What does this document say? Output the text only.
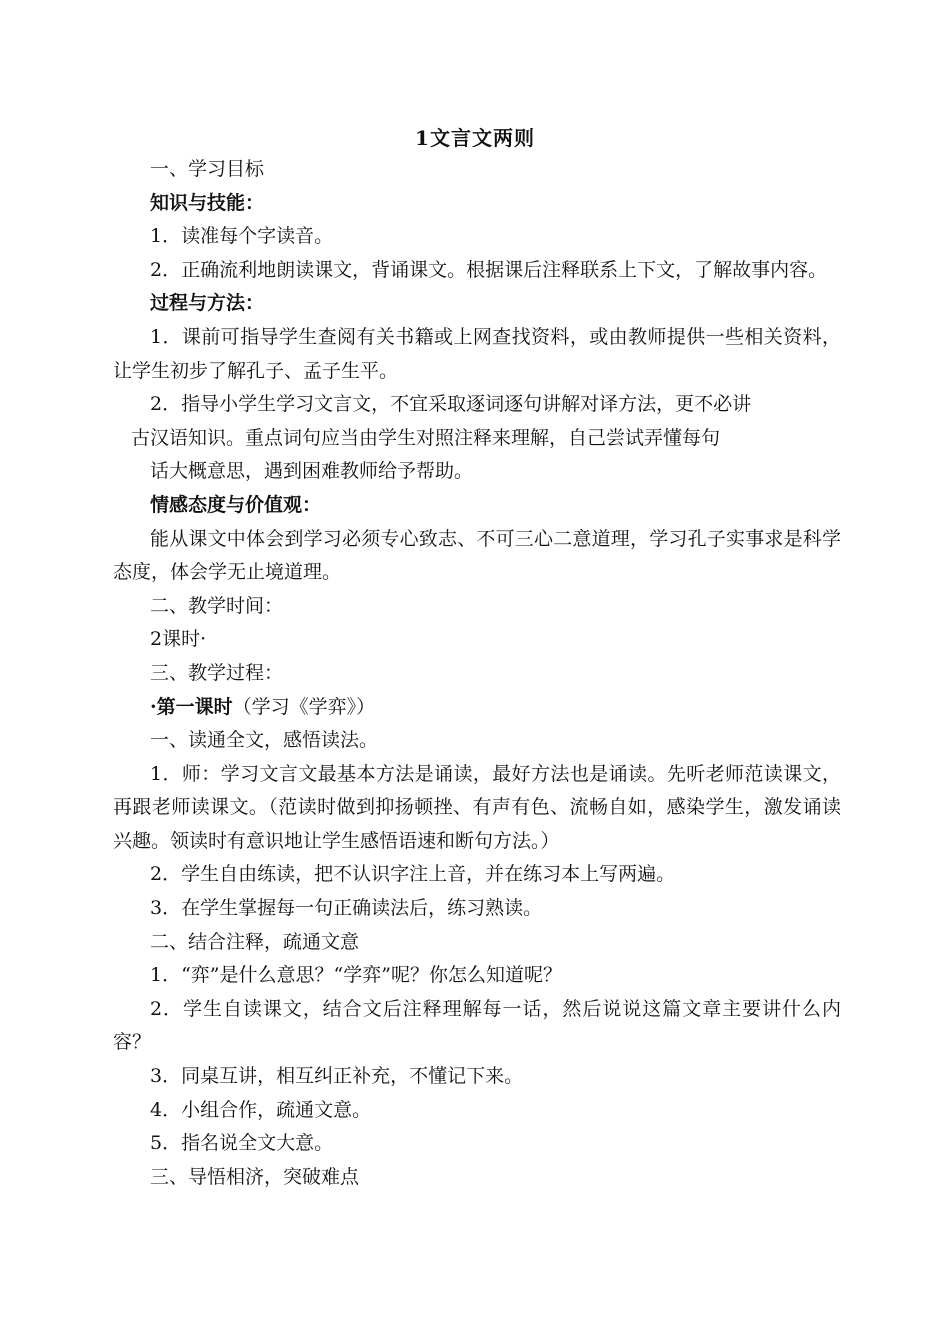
1文言文两则

一、学习目标

知识与技能：

1．读准每个字读音。

2．正确流利地朗读课文，背诵课文。根据课后注释联系上下文，了解故事内容。

过程与方法：

1．课前可指导学生查阅有关书籍或上网查找资料，或由教师提供一些相关资料，让学生初步了解孔子、孟子生平。

2．指导小学生学习文言文，不宜采取逐词逐句讲解对译方法，更不必讲

古汉语知识。重点词句应当由学生对照注释来理解，自己尝试弄懂每句

话大概意思，遇到困难教师给予帮助。

情感态度与价值观：

能从课文中体会到学习必须专心致志、不可三心二意道理，学习孔子实事求是科学态度，体会学无止境道理。

二、教学时间：

2课时·

三、教学过程：

·第一课时（学习《学弈》）

一、读通全文，感悟读法。

1．师：学习文言文最基本方法是诵读，最好方法也是诵读。先听老师范读课文，再跟老师读课文。（范读时做到抑扬顿挫、有声有色、流畅自如，感染学生，激发诵读兴趣。领读时有意识地让学生感悟语速和断句方法。）

2．学生自由练读，把不认识字注上音，并在练习本上写两遍。

3．在学生掌握每一句正确读法后，练习熟读。

二、结合注释，疏通文意

1．“弈”是什么意思？“学弈”呢？你怎么知道呢？

2．学生自读课文，结合文后注释理解每一话，然后说说这篇文章主要讲什么内容？

3．同桌互讲，相互纠正补充，不懂记下来。

4．小组合作，疏通文意。

5．指名说全文大意。

三、导悟相济，突破难点
